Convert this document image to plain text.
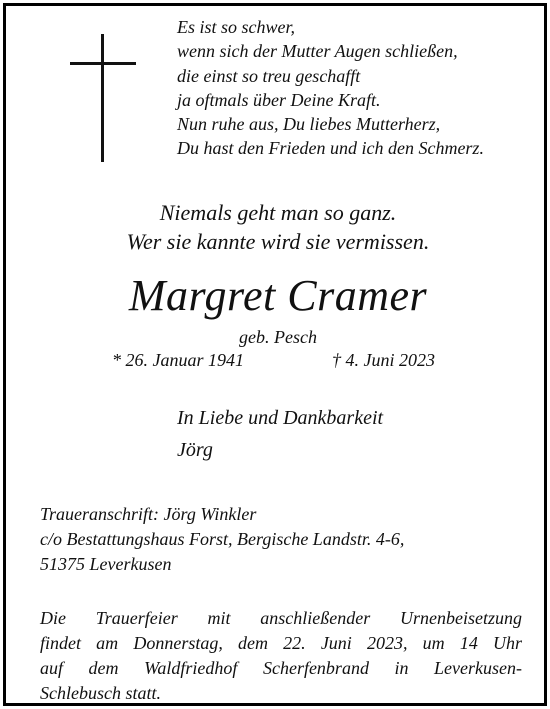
Es ist so schwer,
wenn sich der Mutter Augen schließen,
die einst so treu geschafft
ja oftmals über Deine Kraft.
Nun ruhe aus, Du liebes Mutterherz,
Du hast den Frieden und ich den Schmerz.
Niemals geht man so ganz.
Wer sie kannte wird sie vermissen.
Margret Cramer
geb. Pesch
* 26. Januar 1941	† 4. Juni 2023
In Liebe und Dankbarkeit
Jörg
Traueranschrift: Jörg Winkler
c/o Bestattungshaus Forst, Bergische Landstr. 4-6,
51375 Leverkusen
Die Trauerfeier mit anschließender Urnenbeisetzung
findet am Donnerstag, dem 22. Juni 2023, um 14 Uhr
auf dem Waldfriedhof Scherfenbrand in Leverkusen-
Schlebusch statt.
